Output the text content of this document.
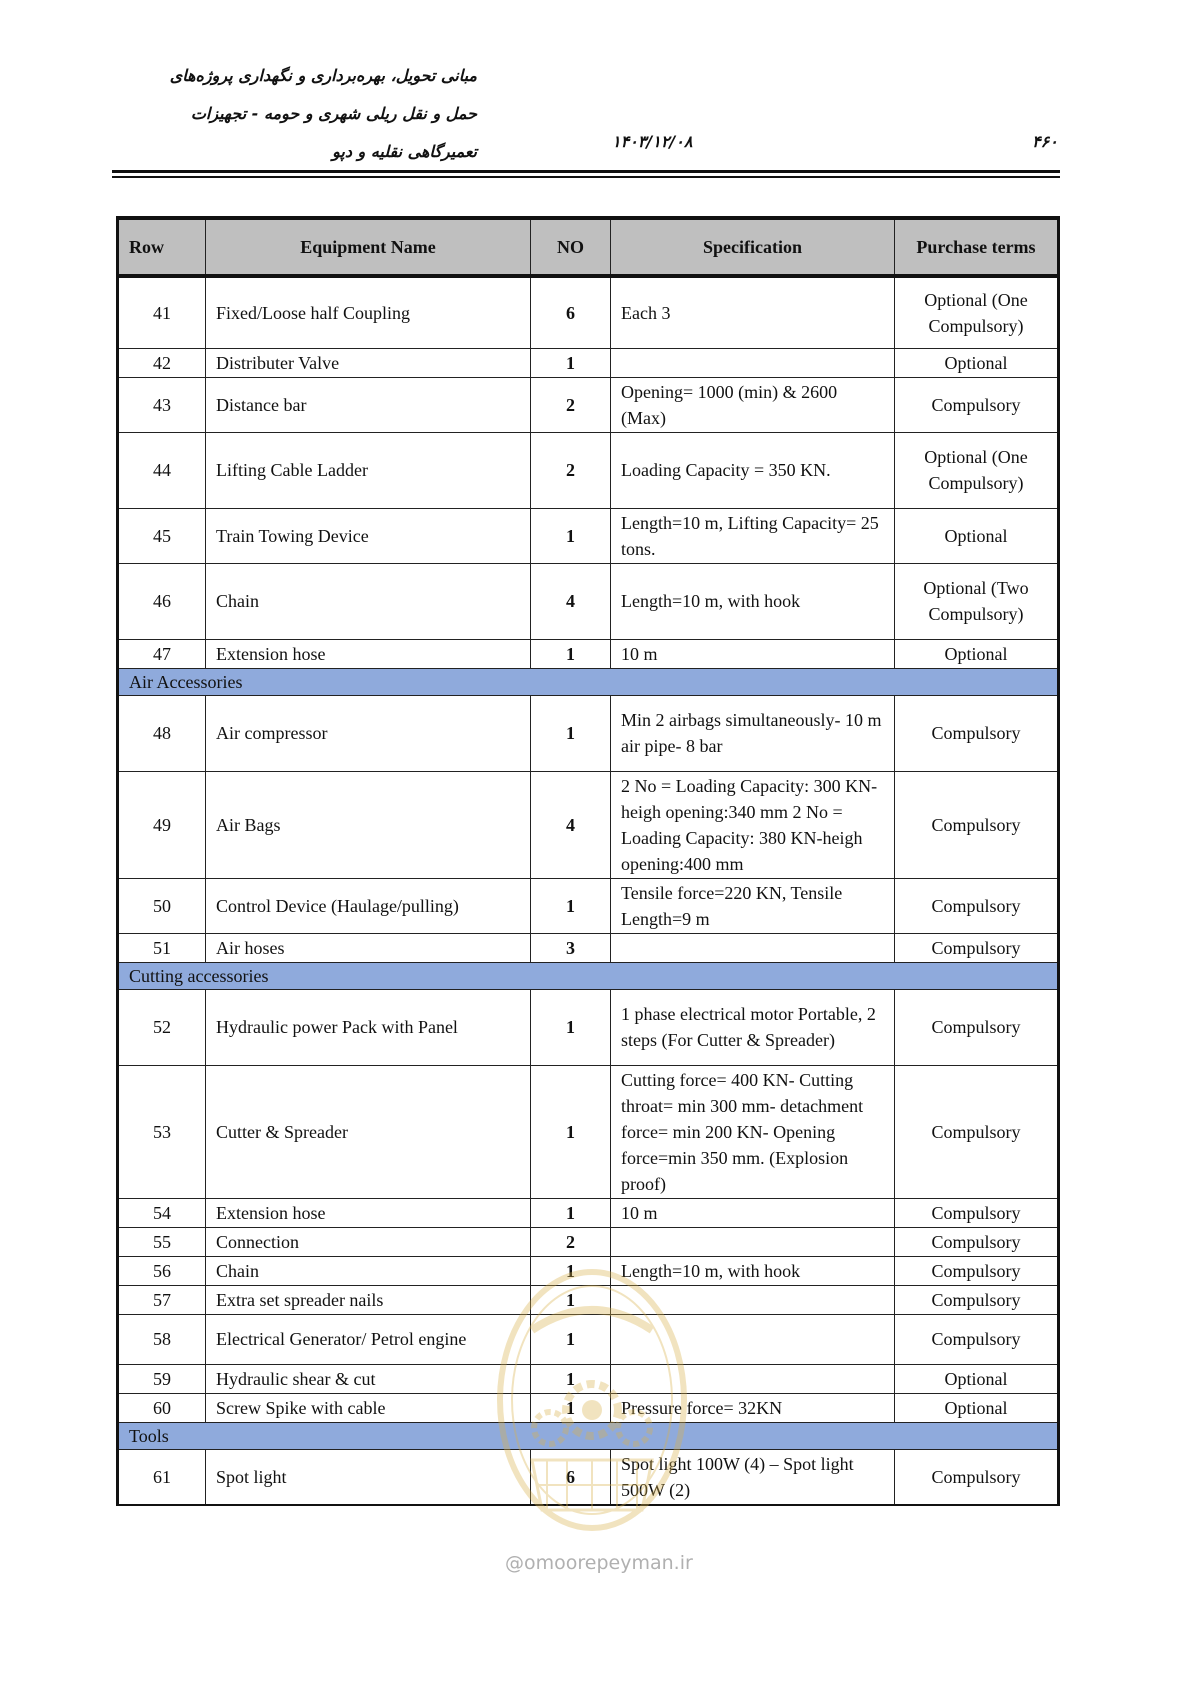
مبانی تحویل، بهره‌برداری و نگهداری پروژه‌های
حمل و نقل ریلی شهری و حومه - تجهیزات
تعمیرگاهی نقلیه و دپو
۱۴۰۳/۱۲/۰۸	۴۶۰
Row	Equipment Name	NO	Specification	Purchase terms
41	Fixed/Loose half Coupling	6	Each 3	Optional (One Compulsory)
42	Distributer Valve	1		Optional
43	Distance bar	2	Opening= 1000 (min) & 2600 (Max)	Compulsory
44	Lifting Cable Ladder	2	Loading Capacity = 350 KN.	Optional (One Compulsory)
45	Train Towing Device	1	Length=10 m, Lifting Capacity= 25 tons.	Optional
46	Chain	4	Length=10 m, with hook	Optional (Two Compulsory)
47	Extension hose	1	10 m	Optional
Air Accessories				
48	Air compressor	1	Min 2 airbags simultaneously- 10 m air pipe- 8 bar	Compulsory
49	Air Bags	4	2 No = Loading Capacity: 300 KN-heigh opening:340 mm 2 No = Loading Capacity: 380 KN-heigh opening:400 mm	Compulsory
50	Control Device (Haulage/pulling)	1	Tensile force=220 KN, Tensile Length=9 m	Compulsory
51	Air hoses	3		Compulsory
Cutting accessories				
52	Hydraulic power Pack with Panel	1	1 phase electrical motor Portable, 2 steps (For Cutter & Spreader)	Compulsory
53	Cutter & Spreader	1	Cutting force= 400 KN- Cutting throat= min 300 mm- detachment force= min 200 KN- Opening force=min 350 mm. (Explosion proof)	Compulsory
54	Extension hose	1	10 m	Compulsory
55	Connection	2		Compulsory
56	Chain	1	Length=10 m, with hook	Compulsory
57	Extra set spreader nails	1		Compulsory
58	Electrical Generator/ Petrol engine	1		Compulsory
59	Hydraulic shear & cut	1		Optional
60	Screw Spike with cable	1	Pressure force= 32KN	Optional
Tools				
61	Spot light	6	Spot light 100W (4) – Spot light 500W (2)	Compulsory
@omoorepeyman.ir
